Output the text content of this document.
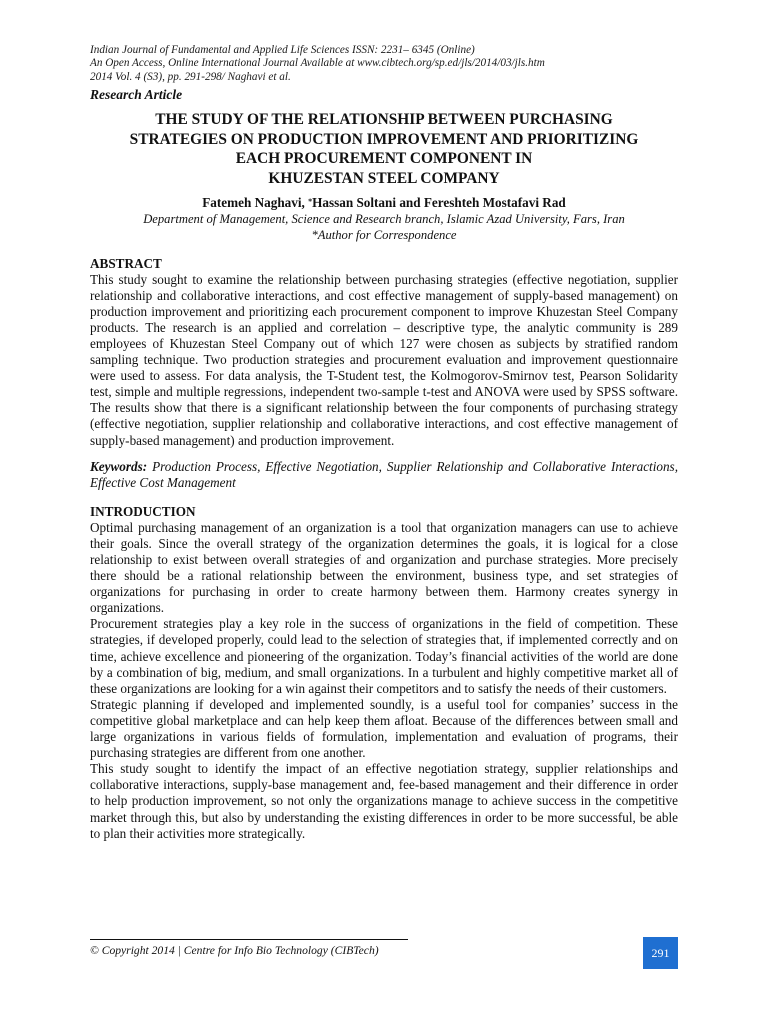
Indian Journal of Fundamental and Applied Life Sciences ISSN: 2231– 6345 (Online)
An Open Access, Online International Journal Available at www.cibtech.org/sp.ed/jls/2014/03/jls.htm
2014 Vol. 4 (S3), pp. 291-298/ Naghavi et al.
Research Article
THE STUDY OF THE RELATIONSHIP BETWEEN PURCHASING
STRATEGIES ON PRODUCTION IMPROVEMENT AND PRIORITIZING
EACH PROCUREMENT COMPONENT IN
KHUZESTAN STEEL COMPANY
Fatemeh Naghavi, *Hassan Soltani and Fereshteh Mostafavi Rad
Department of Management, Science and Research branch, Islamic Azad University, Fars, Iran
*Author for Correspondence
ABSTRACT
This study sought to examine the relationship between purchasing strategies (effective negotiation, supplier relationship and collaborative interactions, and cost effective management of supply-based management) on production improvement and prioritizing each procurement component to improve Khuzestan Steel Company products. The research is an applied and correlation – descriptive type, the analytic community is 289 employees of Khuzestan Steel Company out of which 127 were chosen as subjects by stratified random sampling technique. Two production strategies and procurement evaluation and improvement questionnaire were used to assess. For data analysis, the T-Student test, the Kolmogorov-Smirnov test, Pearson Solidarity test, simple and multiple regressions, independent two-sample t-test and ANOVA were used by SPSS software. The results show that there is a significant relationship between the four components of purchasing strategy (effective negotiation, supplier relationship and collaborative interactions, and cost effective management of supply-based management) and production improvement.
Keywords: Production Process, Effective Negotiation, Supplier Relationship and Collaborative Interactions, Effective Cost Management
INTRODUCTION
Optimal purchasing management of an organization is a tool that organization managers can use to achieve their goals. Since the overall strategy of the organization determines the goals, it is logical for a close relationship to exist between overall strategies of and organization and purchase strategies. More precisely there should be a rational relationship between the environment, business type, and set strategies of organizations for purchasing in order to create harmony between them. Harmony creates synergy in organizations.
Procurement strategies play a key role in the success of organizations in the field of competition. These strategies, if developed properly, could lead to the selection of strategies that, if implemented correctly and on time, achieve excellence and pioneering of the organization. Today’s financial activities of the world are done by a combination of big, medium, and small organizations. In a turbulent and highly competitive market all of these organizations are looking for a win against their competitors and to satisfy the needs of their customers.
Strategic planning if developed and implemented soundly, is a useful tool for companies’ success in the competitive global marketplace and can help keep them afloat. Because of the differences between small and large organizations in various fields of formulation, implementation and evaluation of programs, their purchasing strategies are different from one another.
This study sought to identify the impact of an effective negotiation strategy, supplier relationships and collaborative interactions, supply-base management and, fee-based management and their difference in order to help production improvement, so not only the organizations manage to achieve success in the competitive market through this, but also by understanding the existing differences in order to be more successful, be able to plan their activities more strategically.
© Copyright 2014 | Centre for Info Bio Technology (CIBTech)	291
